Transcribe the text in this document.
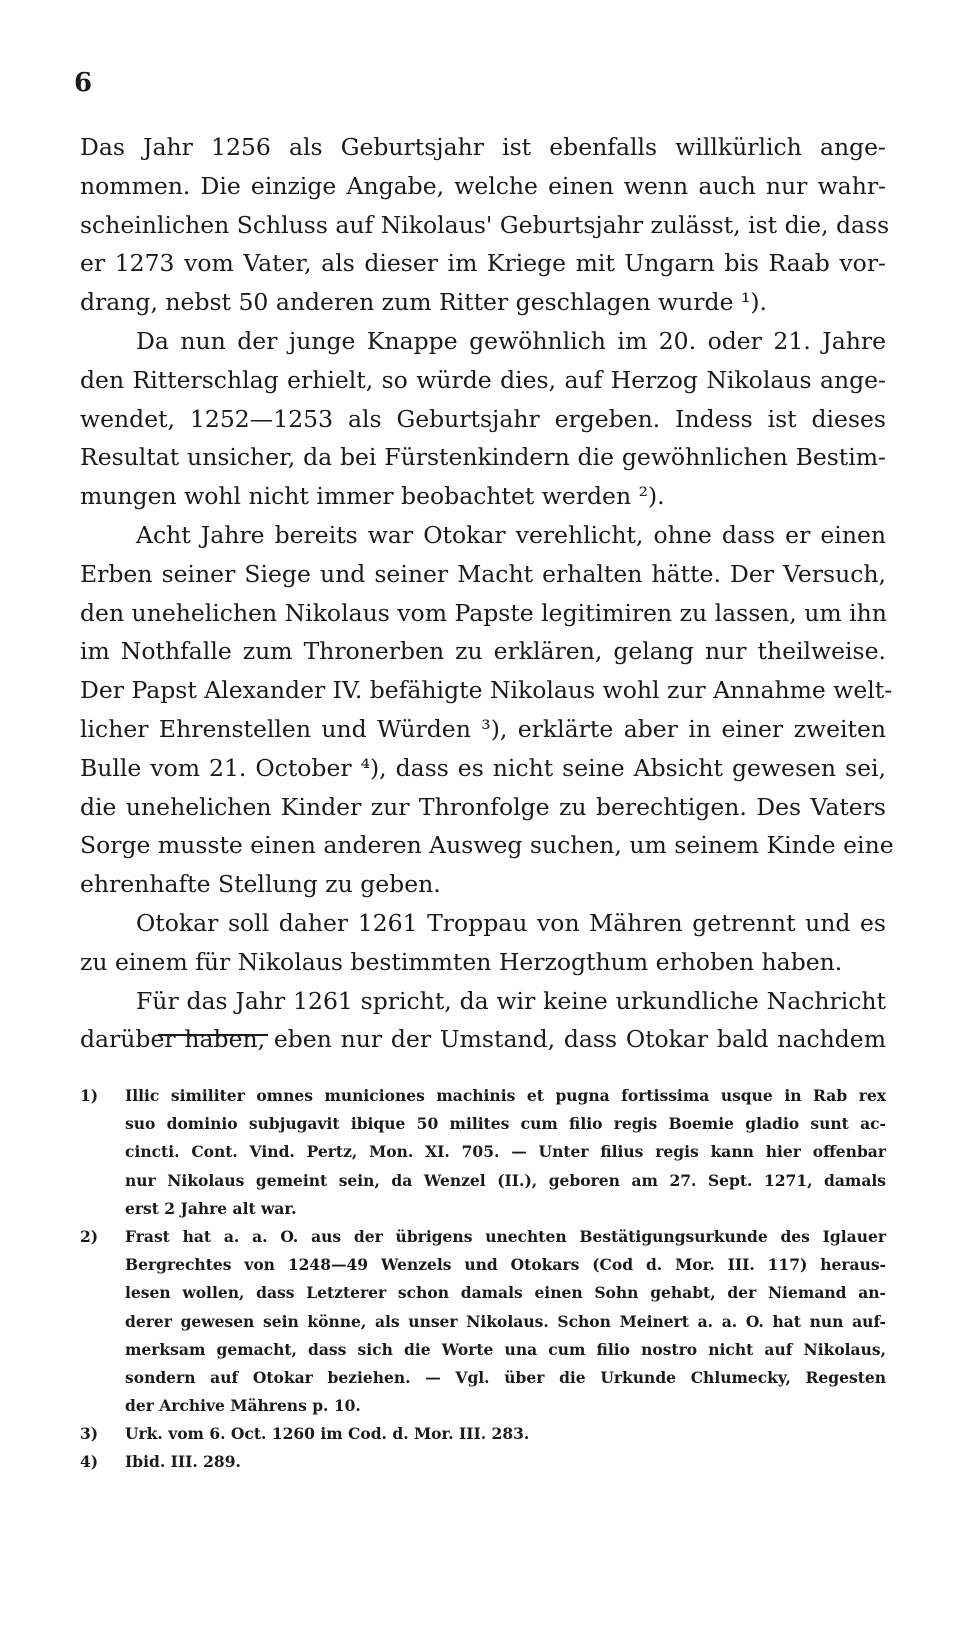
6
Das Jahr 1256 als Geburtsjahr ist ebenfalls willkürlich ange-
nommen. Die einzige Angabe, welche einen wenn auch nur wahr-
scheinlichen Schluss auf Nikolaus' Geburtsjahr zulässt, ist die, dass
er 1273 vom Vater, als dieser im Kriege mit Ungarn bis Raab vor-
drang, nebst 50 anderen zum Ritter geschlagen wurde ¹).
Da nun der junge Knappe gewöhnlich im 20. oder 21. Jahre
den Ritterschlag erhielt, so würde dies, auf Herzog Nikolaus ange-
wendet, 1252—1253 als Geburtsjahr ergeben. Indess ist dieses
Resultat unsicher, da bei Fürstenkindern die gewöhnlichen Bestim-
mungen wohl nicht immer beobachtet werden ²).
Acht Jahre bereits war Otokar verehlicht, ohne dass er einen
Erben seiner Siege und seiner Macht erhalten hätte. Der Versuch,
den unehelichen Nikolaus vom Papste legitimiren zu lassen, um ihn
im Nothfalle zum Thronerben zu erklären, gelang nur theilweise.
Der Papst Alexander IV. befähigte Nikolaus wohl zur Annahme welt-
licher Ehrenstellen und Würden ³), erklärte aber in einer zweiten
Bulle vom 21. October ⁴), dass es nicht seine Absicht gewesen sei,
die unehelichen Kinder zur Thronfolge zu berechtigen. Des Vaters
Sorge musste einen anderen Ausweg suchen, um seinem Kinde eine
ehrenhafte Stellung zu geben.
Otokar soll daher 1261 Troppau von Mähren getrennt und es
zu einem für Nikolaus bestimmten Herzogthum erhoben haben.
Für das Jahr 1261 spricht, da wir keine urkundliche Nachricht
darüber haben, eben nur der Umstand, dass Otokar bald nachdem
1) Illic similiter omnes municiones machinis et pugna fortissima usque in Rab rex
suo dominio subjugavit ibique 50 milites cum filio regis Boemie gladio sunt ac-
cincti. Cont. Vind. Pertz, Mon. XI. 705. — Unter filius regis kann hier offenbar
nur Nikolaus gemeint sein, da Wenzel (II.), geboren am 27. Sept. 1271, damals
erst 2 Jahre alt war.
2) Frast hat a. a. O. aus der übrigens unechten Bestätigungsurkunde des Iglauer
Bergrechtes von 1248—49 Wenzels und Otokars (Cod d. Mor. III. 117) heraus-
lesen wollen, dass Letzterer schon damals einen Sohn gehabt, der Niemand an-
derer gewesen sein könne, als unser Nikolaus. Schon Meinert a. a. O. hat nun auf-
merksam gemacht, dass sich die Worte una cum filio nostro nicht auf Nikolaus,
sondern auf Otokar beziehen. — Vgl. über die Urkunde Chlumecky, Regesten
der Archive Mährens p. 10.
3) Urk. vom 6. Oct. 1260 im Cod. d. Mor. III. 283.
4) Ibid. III. 289.
